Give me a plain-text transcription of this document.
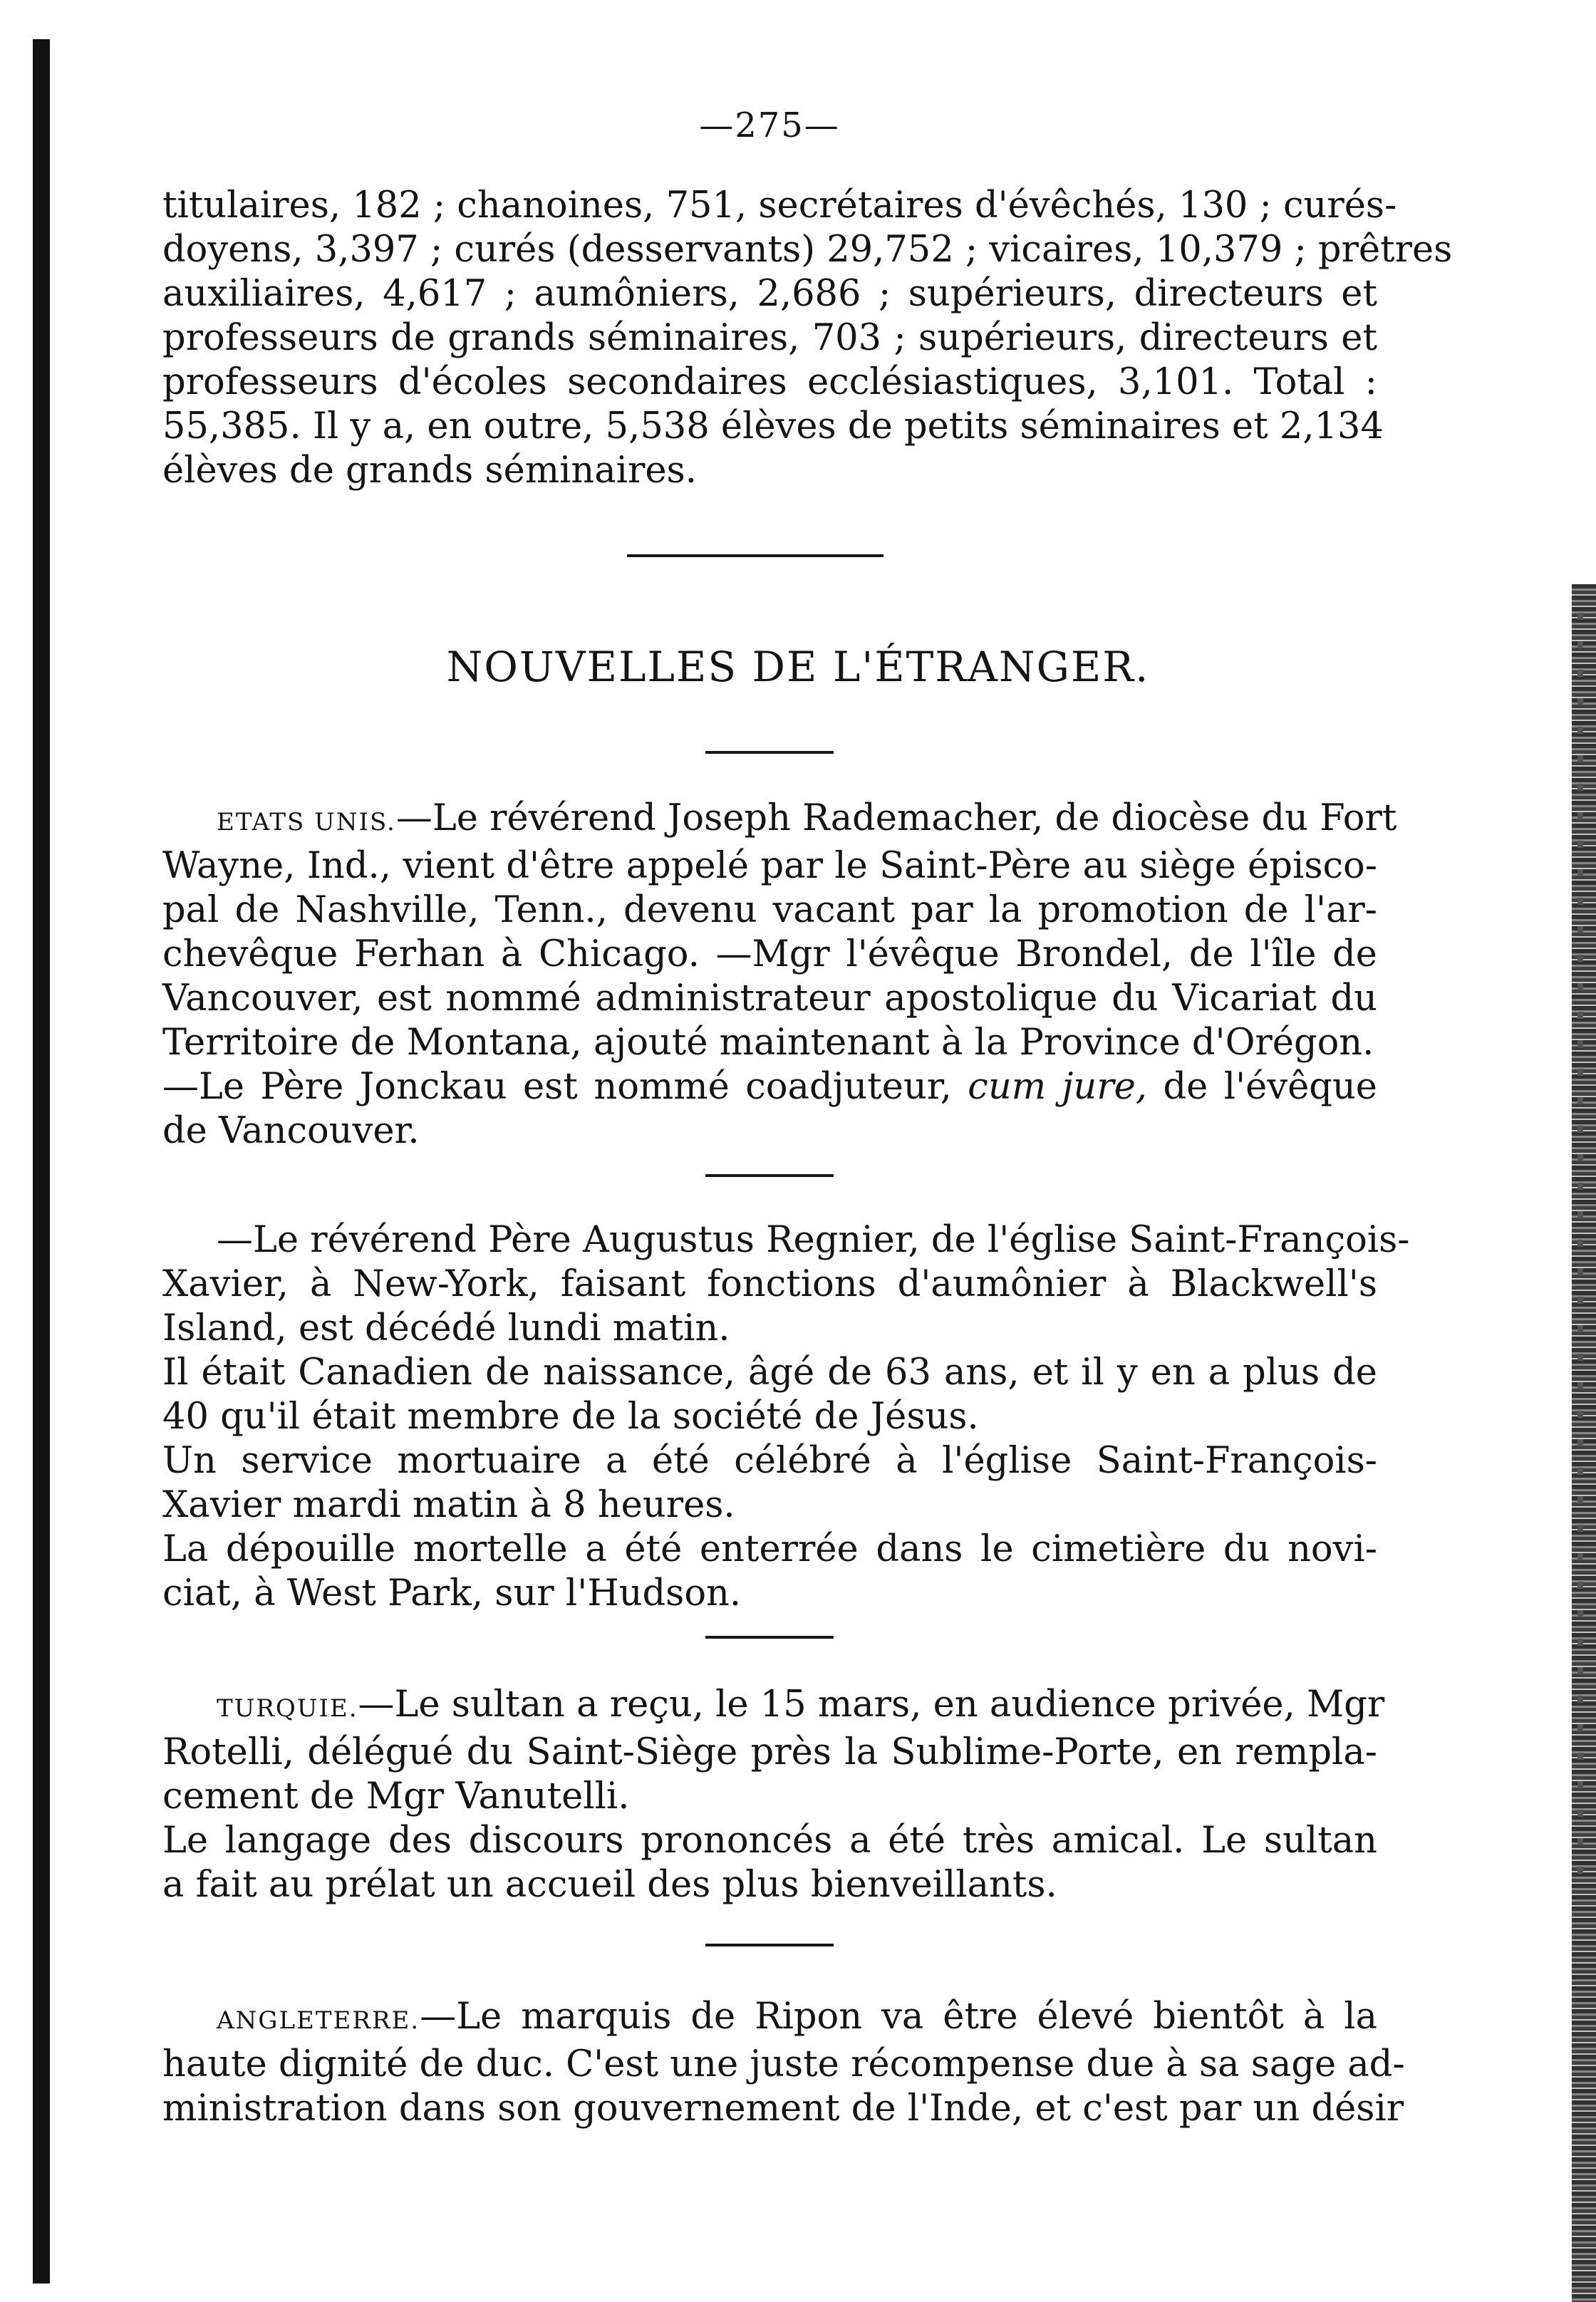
—275—
titulaires, 182 ; chanoines, 751, secrétaires d'évêchés, 130 ; curés-
doyens, 3,397 ; curés (desservants) 29,752 ; vicaires, 10,379 ; prêtres
auxiliaires, 4,617 ; aumôniers, 2,686 ; supérieurs, directeurs et
professeurs de grands séminaires, 703 ; supérieurs, directeurs et
professeurs d'écoles secondaires ecclésiastiques, 3,101. Total :
55,385. Il y a, en outre, 5,538 élèves de petits séminaires et 2,134
élèves de grands séminaires.
NOUVELLES DE L'ÉTRANGER.
ETATS UNIS.—Le révérend Joseph Rademacher, de diocèse du Fort
Wayne, Ind., vient d'être appelé par le Saint-Père au siège épisco-
pal de Nashville, Tenn., devenu vacant par la promotion de l'ar-
chevêque Ferhan à Chicago. —Mgr l'évêque Brondel, de l'île de
Vancouver, est nommé administrateur apostolique du Vicariat du
Territoire de Montana, ajouté maintenant à la Province d'Orégon.
—Le Père Jonckau est nommé coadjuteur, cum jure, de l'évêque
de Vancouver.
—Le révérend Père Augustus Regnier, de l'église Saint-François-
Xavier, à New-York, faisant fonctions d'aumônier à Blackwell's
Island, est décédé lundi matin.
Il était Canadien de naissance, âgé de 63 ans, et il y en a plus de
40 qu'il était membre de la société de Jésus.
Un service mortuaire a été célébré à l'église Saint-François-
Xavier mardi matin à 8 heures.
La dépouille mortelle a été enterrée dans le cimetière du novi-
ciat, à West Park, sur l'Hudson.
TURQUIE.—Le sultan a reçu, le 15 mars, en audience privée, Mgr
Rotelli, délégué du Saint-Siège près la Sublime-Porte, en rempla-
cement de Mgr Vanutelli.
Le langage des discours prononcés a été très amical. Le sultan
a fait au prélat un accueil des plus bienveillants.
ANGLETERRE.—Le marquis de Ripon va être élevé bientôt à la
haute dignité de duc. C'est une juste récompense due à sa sage ad-
ministration dans son gouvernement de l'Inde, et c'est par un désir
